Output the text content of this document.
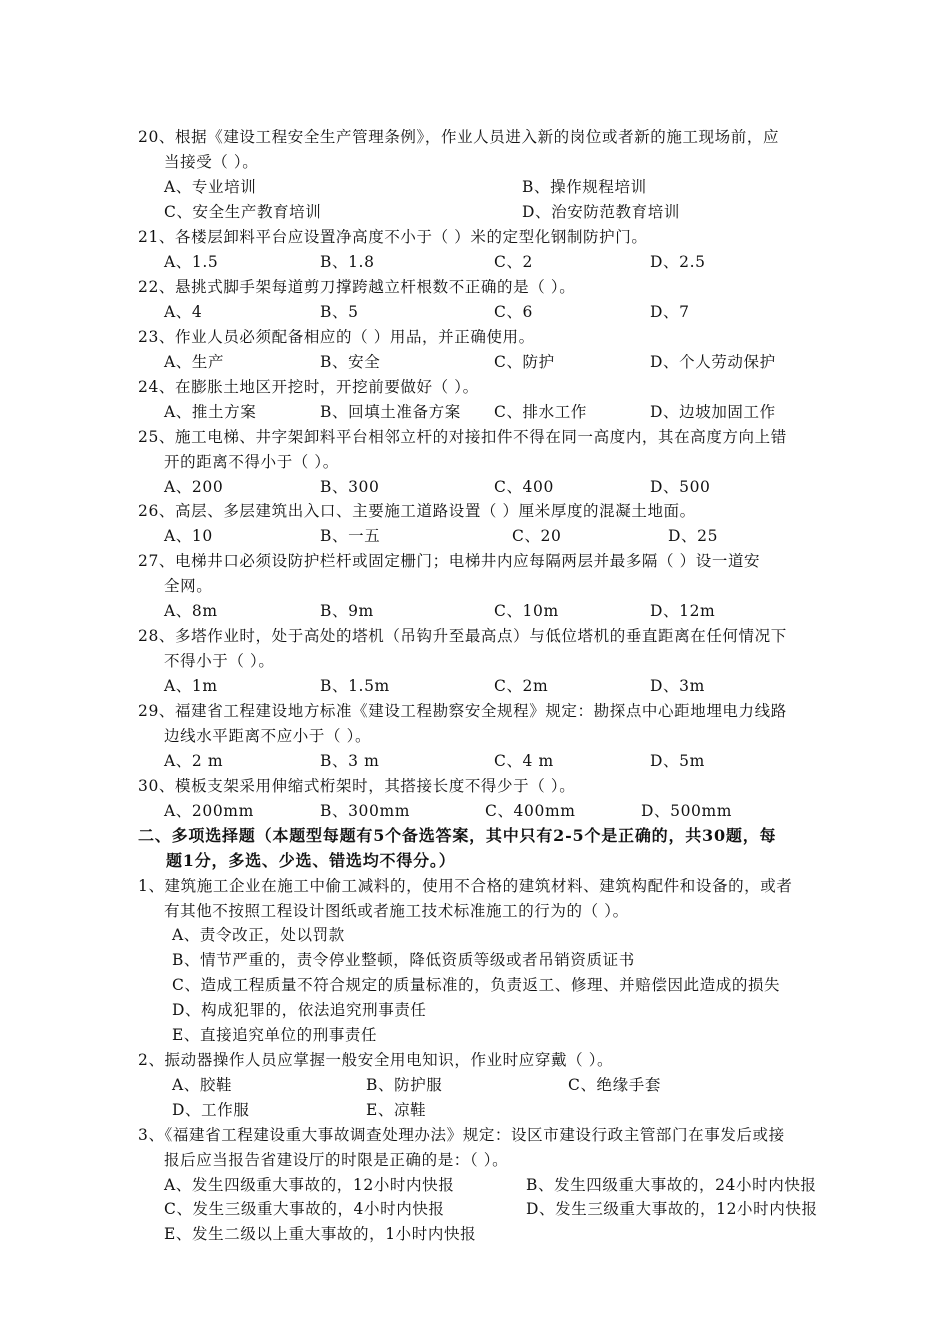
20、根据《建设工程安全生产管理条例》，作业人员进入新的岗位或者新的施工现场前，应
当接受（ ）。
A、专业培训	B、操作规程培训
C、安全生产教育培训	D、治安防范教育培训
21、各楼层卸料平台应设置净高度不小于（ ）米的定型化钢制防护门。
A、1.5	B、1.8	C、2	D、2.5
22、悬挑式脚手架每道剪刀撑跨越立杆根数不正确的是（ ）。
A、4	B、5	C、6	D、7
23、作业人员必须配备相应的（ ）用品，并正确使用。
A、生产	B、安全	C、防护	D、个人劳动保护
24、在膨胀土地区开挖时，开挖前要做好（ ）。
A、推土方案	B、回填土准备方案 C、排水工作	D、边坡加固工作
25、施工电梯、井字架卸料平台相邻立杆的对接扣件不得在同一高度内，其在高度方向上错
开的距离不得小于（ ）。
A、200	B、300	C、400	D、500
26、高层、多层建筑出入口、主要施工道路设置（ ）厘米厚度的混凝土地面。
A、10	B、一五	C、20	D、25
27、电梯井口必须设防护栏杆或固定栅门；电梯井内应每隔两层并最多隔（ ）设一道安
全网。
A、8m	B、9m	C、10m	D、12m
28、多塔作业时，处于高处的塔机（吊钩升至最高点）与低位塔机的垂直距离在任何情况下
不得小于（ ）。
A、1m	B、1.5m	C、2m	D、3m
29、福建省工程建设地方标准《建设工程勘察安全规程》规定：勘探点中心距地埋电力线路
边线水平距离不应小于（ ）。
A、2 m	B、3 m	C、4 m	D、5m
30、模板支架采用伸缩式桁架时，其搭接长度不得少于（ ）。
A、200mm	B、300mm	C、400mm	D、500mm
二、多项选择题（本题型每题有5个备选答案，其中只有2-5个是正确的，共30题，每
题1分，多选、少选、错选均不得分。）
1、建筑施工企业在施工中偷工减料的，使用不合格的建筑材料、建筑构配件和设备的，或者
有其他不按照工程设计图纸或者施工技术标准施工的行为的（ ）。
A、责令改正，处以罚款
B、情节严重的，责令停业整顿，降低资质等级或者吊销资质证书
C、造成工程质量不符合规定的质量标准的，负责返工、修理、并赔偿因此造成的损失
D、构成犯罪的，依法追究刑事责任
E、直接追究单位的刑事责任
2、振动器操作人员应掌握一般安全用电知识，作业时应穿戴（ ）。
A、胶鞋	B、防护服	C、绝缘手套
D、工作服	E、凉鞋
3、《福建省工程建设重大事故调查处理办法》规定：设区市建设行政主管部门在事发后或接
报后应当报告省建设厅的时限是正确的是：（ ）。
A、发生四级重大事故的，12小时内快报	B、发生四级重大事故的，24小时内快报
C、发生三级重大事故的，4小时内快报	D、发生三级重大事故的，12小时内快报
E、发生二级以上重大事故的，1小时内快报
